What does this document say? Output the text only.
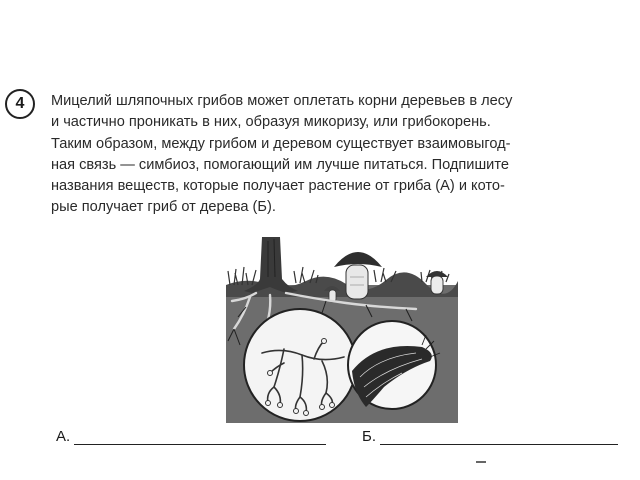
4 Мицелий шляпочных грибов может оплетать корни деревьев в лесу
и частично проникать в них, образуя микоризу, или грибокорень.
Таким образом, между грибом и деревом существует взаимовыгод-
ная связь — симбиоз, помогающий им лучше питаться. Подпишите
названия веществ, которые получает растение от гриба (А) и кото-
рые получает гриб от дерева (Б).
А.	Б.
